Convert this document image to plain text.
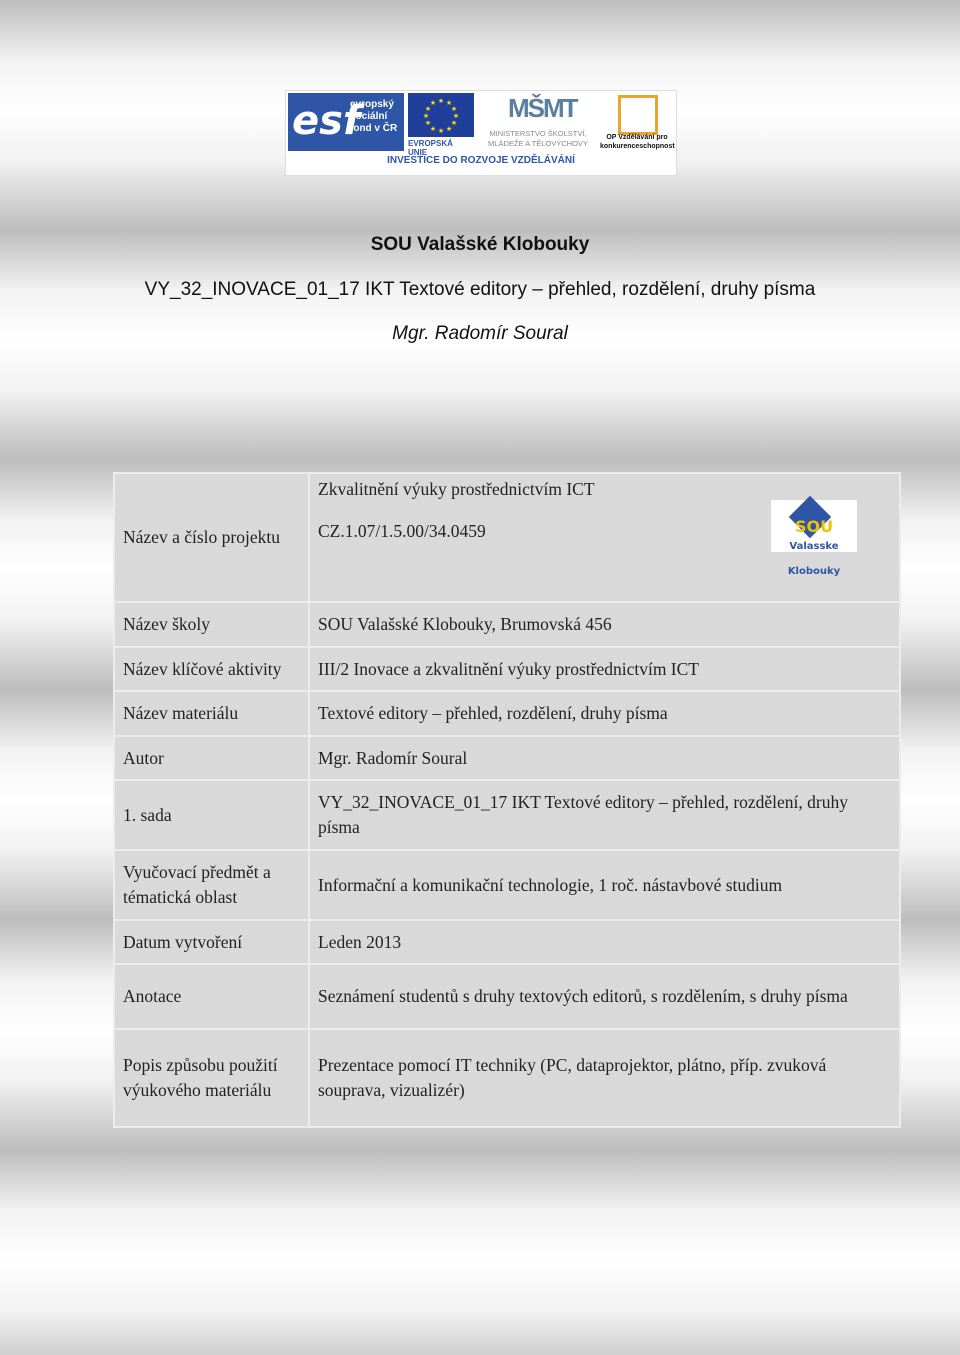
esf
evropský sociální fond v ČR
★ ★
★
★
★
★
★
★
★
★
★
★
EVROPSKÁ UNIE
MŠMT
MINISTERSTVO ŠKOLSTVÍ, MLÁDEŽE A TĚLOVÝCHOVY
OP Vzdělávání pro konkurenceschopnost
INVESTICE DO ROZVOJE VZDĚLÁVÁNÍ
SOU Valašské Klobouky
VY_32_INOVACE_01_17 IKT Textové editory – přehled, rozdělení, druhy písma
Mgr. Radomír Soural
Název a číslo projektu	Zkvalitnění výuky prostřednictvím ICT
CZ.1.07/1.5.00/34.0459 SOU
Valasske Klobouky

Název školy	SOU Valašské Klobouky, Brumovská 456
Název klíčové aktivity	III/2 Inovace a zkvalitnění výuky prostřednictvím ICT
Název materiálu	Textové editory – přehled, rozdělení, druhy písma
Autor	Mgr. Radomír Soural
1. sada	VY_32_INOVACE_01_17 IKT Textové editory – přehled, rozdělení, druhy písma
Vyučovací předmět a tématická oblast	Informační a komunikační technologie, 1 roč. nástavbové studium
Datum vytvoření	Leden 2013
Anotace	Seznámení studentů s druhy textových editorů, s rozdělením, s druhy písma
Popis způsobu použití výukového materiálu	Prezentace pomocí IT techniky (PC, dataprojektor, plátno, příp. zvuková souprava, vizualizér)
